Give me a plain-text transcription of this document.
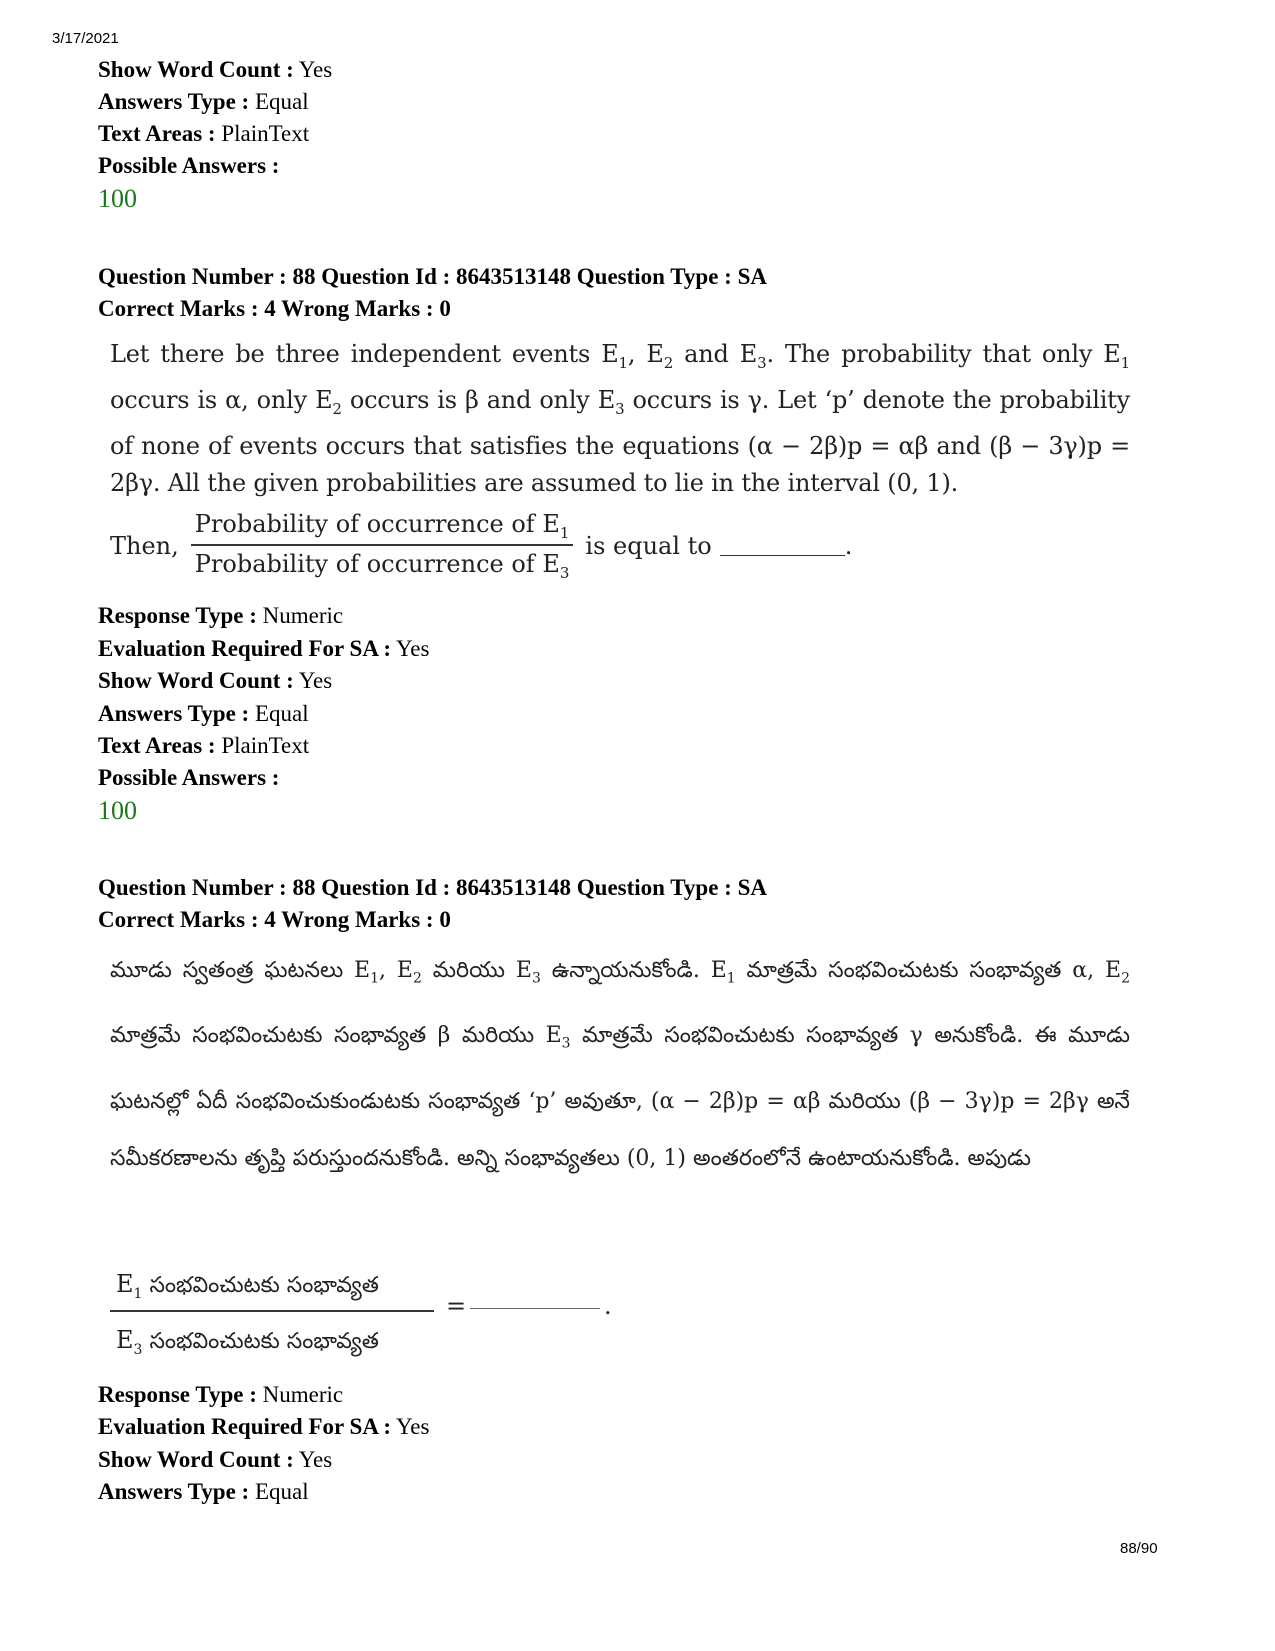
3/17/2021
88/90
Show Word Count : Yes
Answers Type : Equal
Text Areas : PlainText
Possible Answers :
100
Question Number : 88 Question Id : 8643513148 Question Type : SA
Correct Marks : 4 Wrong Marks : 0
Let there be three independent events $E_1$, $E_2$ and $E_3$. The probability that only $E_1$ occurs is α, only $E_2$ occurs is β and only $E_3$ occurs is γ. Let ‘p’ denote the probability of none of events occurs that satisfies the equations (α − 2β)p = αβ and (β − 3γ)p = 2βγ. All the given probabilities are assumed to lie in the interval (0, 1).
Then, $\frac{Probability of occurrence of E_1}{Probability of occurrence of E_3}$ is equal to	.
Response Type : Numeric
Evaluation Required For SA : Yes
Show Word Count : Yes
Answers Type : Equal
Text Areas : PlainText
Possible Answers :
100
Question Number : 88 Question Id : 8643513148 Question Type : SA
Correct Marks : 4 Wrong Marks : 0
మూడు స్వతంత్ర ఘటనలు $E_1$, $E_2$ మరియు $E_3$ ఉన్నాయనుకోండి. $E_1$ మాత్రమే సంభవించుటకు సంభావ్యత α, $E_2$ మాత్రమే సంభవించుటకు సంభావ్యత β మరియు $E_3$ మాత్రమే సంభవించుటకు సంభావ్యత γ అనుకోండి. ఈ మూడు ఘటనల్లో ఏదీ సంభవించుకుండుటకు సంభావ్యత ‘p’ అవుతూ, (α − 2β)p = αβ మరియు (β − 3γ)p = 2βγ అనే సమీకరణాలను తృప్తి పరుస్తుందనుకోండి. అన్ని సంభావ్యతలు (0, 1) అంతరంలోనే ఉంటాయనుకోండి. అపుడు
$E_1$ సంభవించుటకు సంభావ్యత
$E_3$ సంభవించుటకు సంభావ్యత
=	.
Response Type : Numeric
Evaluation Required For SA : Yes
Show Word Count : Yes
Answers Type : Equal
